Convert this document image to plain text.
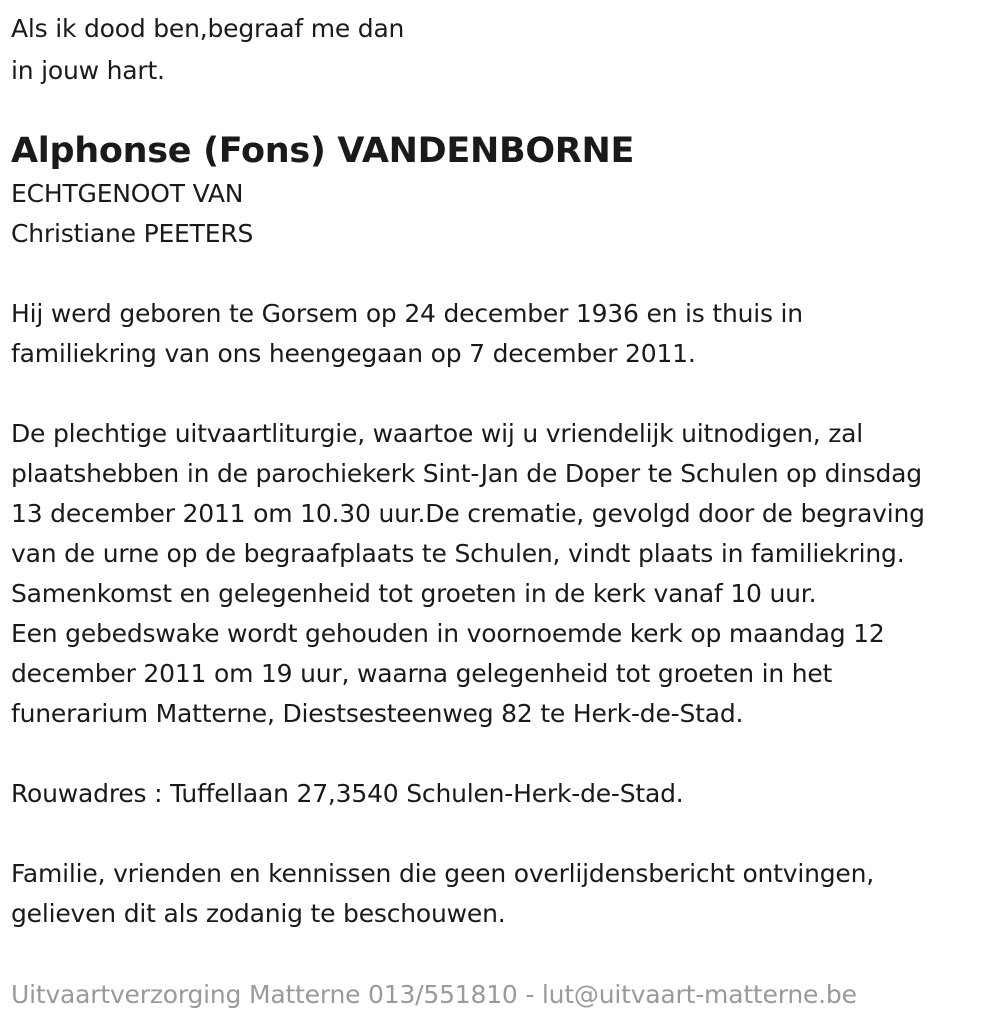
Als ik dood ben,begraaf me dan
in jouw hart.
Alphonse (Fons) VANDENBORNE
ECHTGENOOT VAN
Christiane PEETERS
Hij werd geboren te Gorsem op 24 december 1936 en is thuis in
familiekring van ons heengegaan op 7 december 2011.
De plechtige uitvaartliturgie, waartoe wij u vriendelijk uitnodigen, zal
plaatshebben in de parochiekerk Sint-Jan de Doper te Schulen op dinsdag
13 december 2011 om 10.30 uur.De crematie, gevolgd door de begraving
van de urne op de begraafplaats te Schulen, vindt plaats in familiekring.
Samenkomst en gelegenheid tot groeten in de kerk vanaf 10 uur.
Een gebedswake wordt gehouden in voornoemde kerk op maandag 12
december 2011 om 19 uur, waarna gelegenheid tot groeten in het
funerarium Matterne, Diestsesteenweg 82 te Herk-de-Stad.
Rouwadres : Tuffellaan 27,3540 Schulen-Herk-de-Stad.
Familie, vrienden en kennissen die geen overlijdensbericht ontvingen,
gelieven dit als zodanig te beschouwen.
Uitvaartverzorging Matterne 013/551810 - lut@uitvaart-matterne.be
